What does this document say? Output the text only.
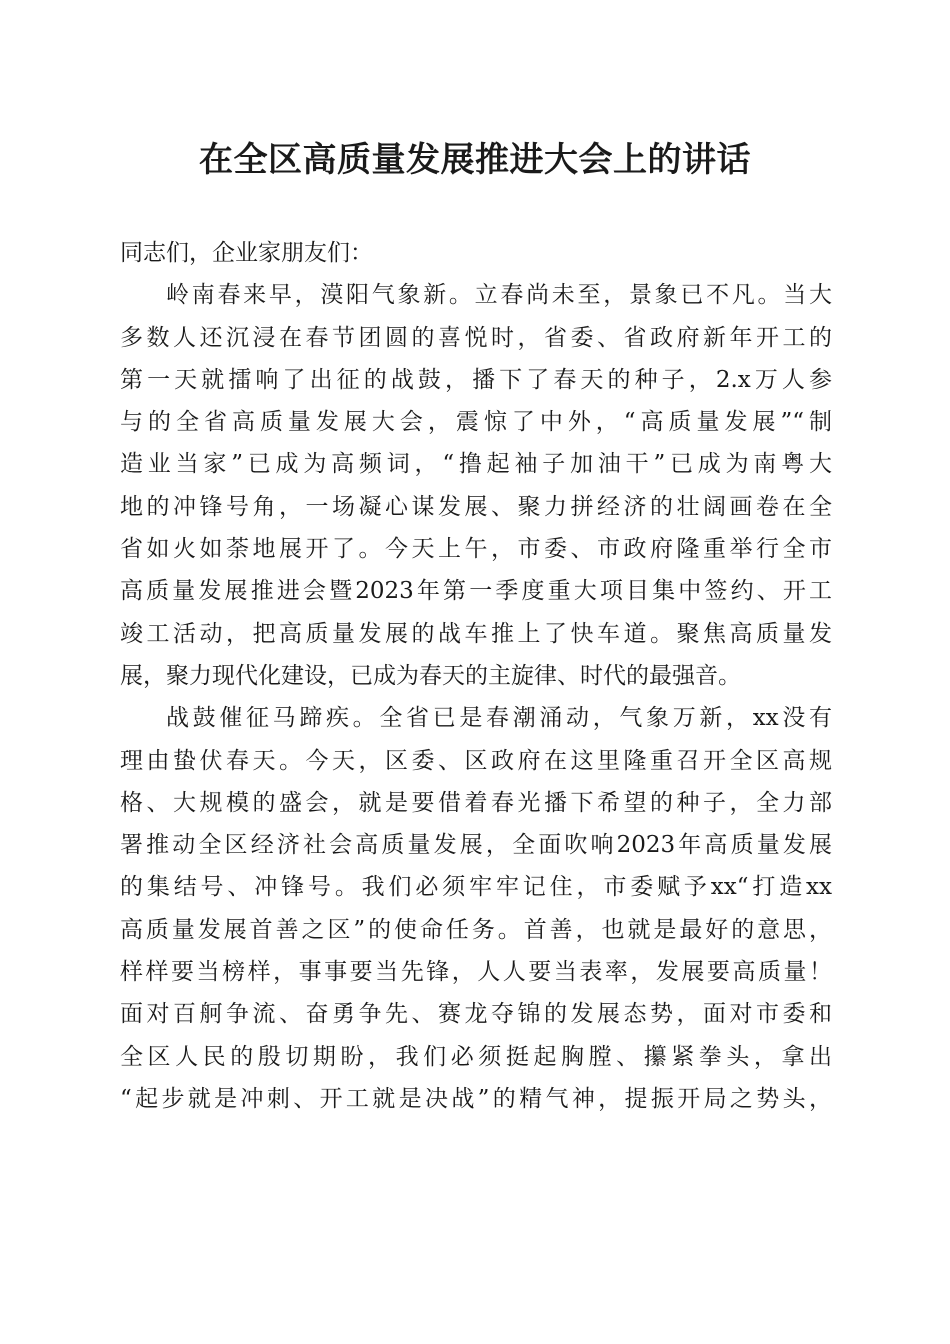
在全区高质量发展推进大会上的讲话
同志们，企业家朋友们：
岭南春来早，漠阳气象新。立春尚未至，景象已不凡。当大
多数人还沉浸在春节团圆的喜悦时，省委、省政府新年开工的
第一天就擂响了出征的战鼓，播下了春天的种子，2.x万人参
与的全省高质量发展大会，震惊了中外，“高质量发展”“制
造业当家”已成为高频词，“撸起袖子加油干”已成为南粤大
地的冲锋号角，一场凝心谋发展、聚力拼经济的壮阔画卷在全
省如火如荼地展开了。今天上午，市委、市政府隆重举行全市
高质量发展推进会暨2023年第一季度重大项目集中签约、开工
竣工活动，把高质量发展的战车推上了快车道。聚焦高质量发
展，聚力现代化建设，已成为春天的主旋律、时代的最强音。
战鼓催征马蹄疾。全省已是春潮涌动，气象万新，xx没有
理由蛰伏春天。今天，区委、区政府在这里隆重召开全区高规
格、大规模的盛会，就是要借着春光播下希望的种子，全力部
署推动全区经济社会高质量发展，全面吹响2023年高质量发展
的集结号、冲锋号。我们必须牢牢记住，市委赋予xx“打造xx
高质量发展首善之区”的使命任务。首善，也就是最好的意思，
样样要当榜样，事事要当先锋，人人要当表率，发展要高质量！
面对百舸争流、奋勇争先、赛龙夺锦的发展态势，面对市委和
全区人民的殷切期盼，我们必须挺起胸膛、攥紧拳头，拿出
“起步就是冲刺、开工就是决战”的精气神，提振开局之势头，
